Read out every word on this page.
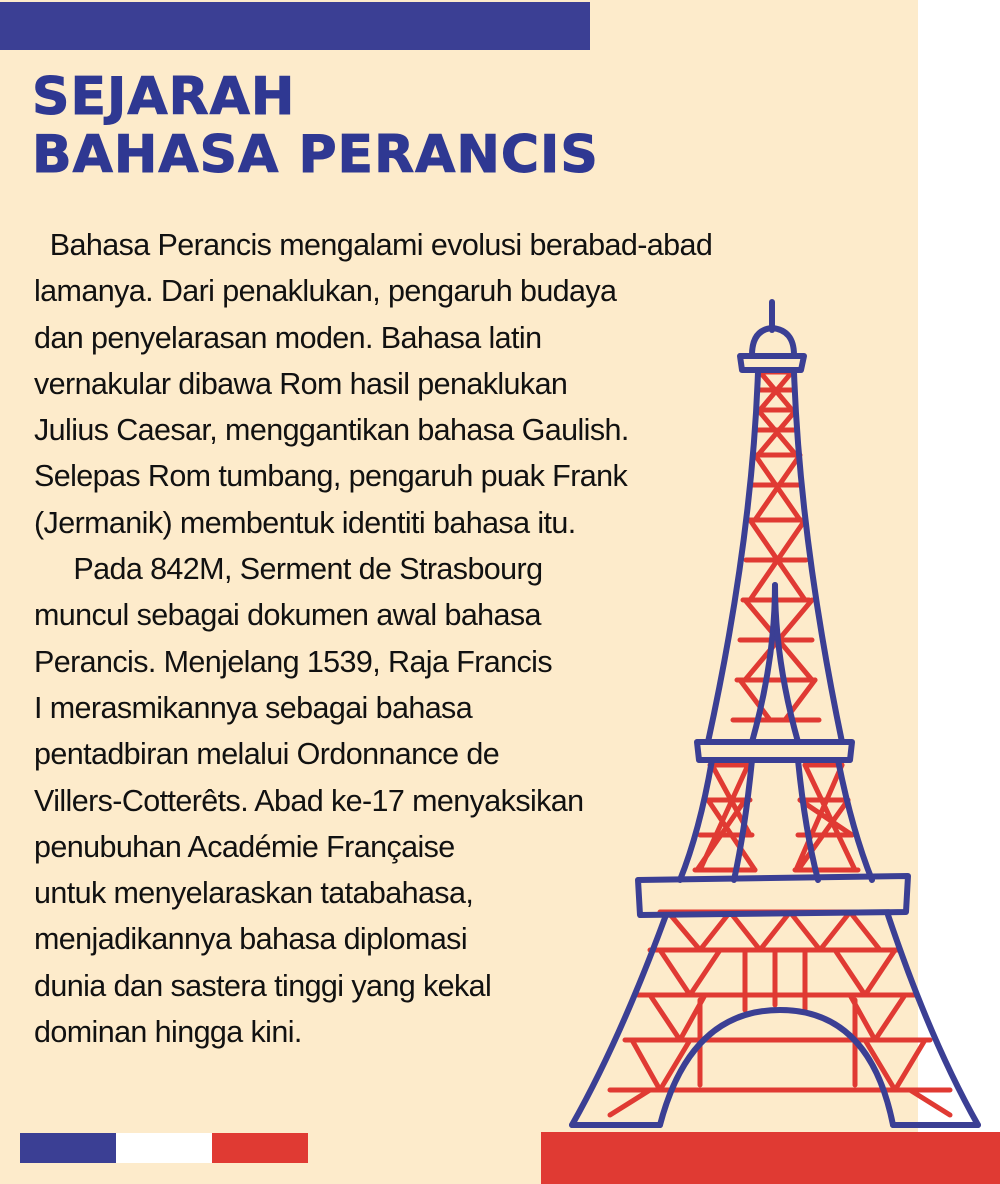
SEJARAH
BAHASA PERANCIS
Bahasa Perancis mengalami evolusi berabad-abad
lamanya. Dari penaklukan, pengaruh budaya
dan penyelarasan moden. Bahasa latin
vernakular dibawa Rom hasil penaklukan
Julius Caesar, menggantikan bahasa Gaulish.
Selepas Rom tumbang, pengaruh puak Frank
(Jermanik) membentuk identiti bahasa itu.
Pada 842M, Serment de Strasbourg
muncul sebagai dokumen awal bahasa
Perancis. Menjelang 1539, Raja Francis
I merasmikannya sebagai bahasa
pentadbiran melalui Ordonnance de
Villers-Cotterêts. Abad ke-17 menyaksikan
penubuhan Académie Française
untuk menyelaraskan tatabahasa,
menjadikannya bahasa diplomasi
dunia dan sastera tinggi yang kekal
dominan hingga kini.
